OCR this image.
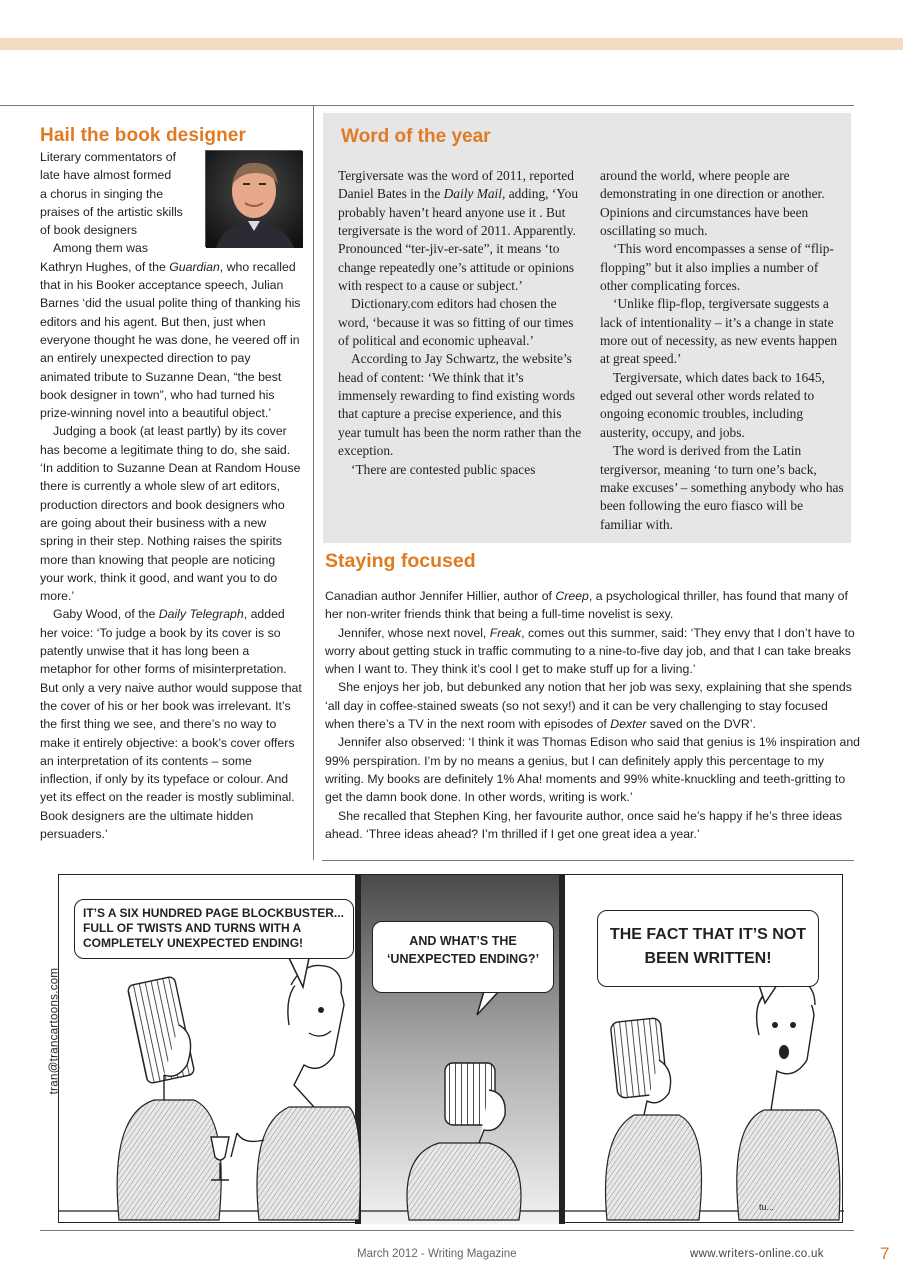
Hail the book designer

Literary commentators of
late have almost formed
a chorus in singing the
praises of the artistic skills
of book designers

Among them was
Kathryn Hughes, of the Guardian, who recalled that in his Booker acceptance speech, Julian Barnes ‘did the usual polite thing of thanking his editors and his agent. But then, just when everyone thought he was done, he veered off in an entirely unexpected direction to pay animated tribute to Suzanne Dean, “the best book designer in town”, who had turned his prize-winning novel into a beautiful object.’

Judging a book (at least partly) by its cover has become a legitimate thing to do, she said. ‘In addition to Suzanne Dean at Random House there is currently a whole slew of art editors, production directors and book designers who are going about their business with a new spring in their step. Nothing raises the spirits more than knowing that people are noticing your work, think it good, and want you to do more.’

Gaby Wood, of the Daily Telegraph, added her voice: ‘To judge a book by its cover is so patently unwise that it has long been a metaphor for other forms of misinterpretation. But only a very naive author would suppose that the cover of his or her book was irrelevant. It’s the first thing we see, and there’s no way to make it entirely objective: a book’s cover offers an interpretation of its contents – some inflection, if only by its typeface or colour. And yet its effect on the reader is mostly subliminal. Book designers are the ultimate hidden persuaders.’

Word of the year

Tergiversate was the word of 2011, reported Daniel Bates in the Daily Mail, adding, ‘You probably haven’t heard anyone use it . But tergiversate is the word of 2011. Apparently. Pronounced “ter-jiv-er-sate”, it means ‘to change repeatedly one’s attitude or opinions with respect to a cause or subject.’

Dictionary.com editors had chosen the word, ‘because it was so fitting of our times of political and economic upheaval.’

According to Jay Schwartz, the website’s head of content: ‘We think that it’s immensely rewarding to find existing words that capture a precise experience, and this year tumult has been the norm rather than the exception.

‘There are contested public spaces

around the world, where people are demonstrating in one direction or another. Opinions and circumstances have been oscillating so much.

‘This word encompasses a sense of “flip-flopping” but it also implies a number of other complicating forces.

‘Unlike flip-flop, tergiversate suggests a lack of intentionality – it’s a change in state more out of necessity, as new events happen at great speed.’

Tergiversate, which dates back to 1645, edged out several other words related to ongoing economic troubles, including austerity, occupy, and jobs.

The word is derived from the Latin tergiversor, meaning ‘to turn one’s back, make excuses’ – something anybody who has been following the euro fiasco will be familiar with.

Staying focused

Canadian author Jennifer Hillier, author of Creep, a psychological thriller, has found that many of her non-writer friends think that being a full-time novelist is sexy.

Jennifer, whose next novel, Freak, comes out this summer, said: ‘They envy that I don’t have to worry about getting stuck in traffic commuting to a nine-to-five day job, and that I can take breaks when I want to. They think it’s cool I get to make stuff up for a living.’

She enjoys her job, but debunked any notion that her job was sexy, explaining that she spends ‘all day in coffee-stained sweats (so not sexy!) and it can be very challenging to stay focused when there’s a TV in the next room with episodes of Dexter saved on the DVR’.

Jennifer also observed: ‘I think it was Thomas Edison who said that genius is 1% inspiration and 99% perspiration. I’m by no means a genius, but I can definitely apply this percentage to my writing. My books are definitely 1% Aha! moments and 99% white-knuckling and teeth-gritting to get the damn book done. In other words, writing is work.’

She recalled that Stephen King, her favourite author, once said he’s happy if he’s three ideas ahead. ‘Three ideas ahead? I’m thrilled if I get one great idea a year.’

tu...
tran@trancartoons.com
IT’S A SIX HUNDRED PAGE BLOCKBUSTER... FULL OF TWISTS AND TURNS WITH A COMPLETELY UNEXPECTED ENDING!	AND WHAT’S THE ‘UNEXPECTED ENDING?’
THE FACT THAT IT’S NOT BEEN WRITTEN!
March 2012 - Writing Magazine	www.writers-online.co.uk	7
